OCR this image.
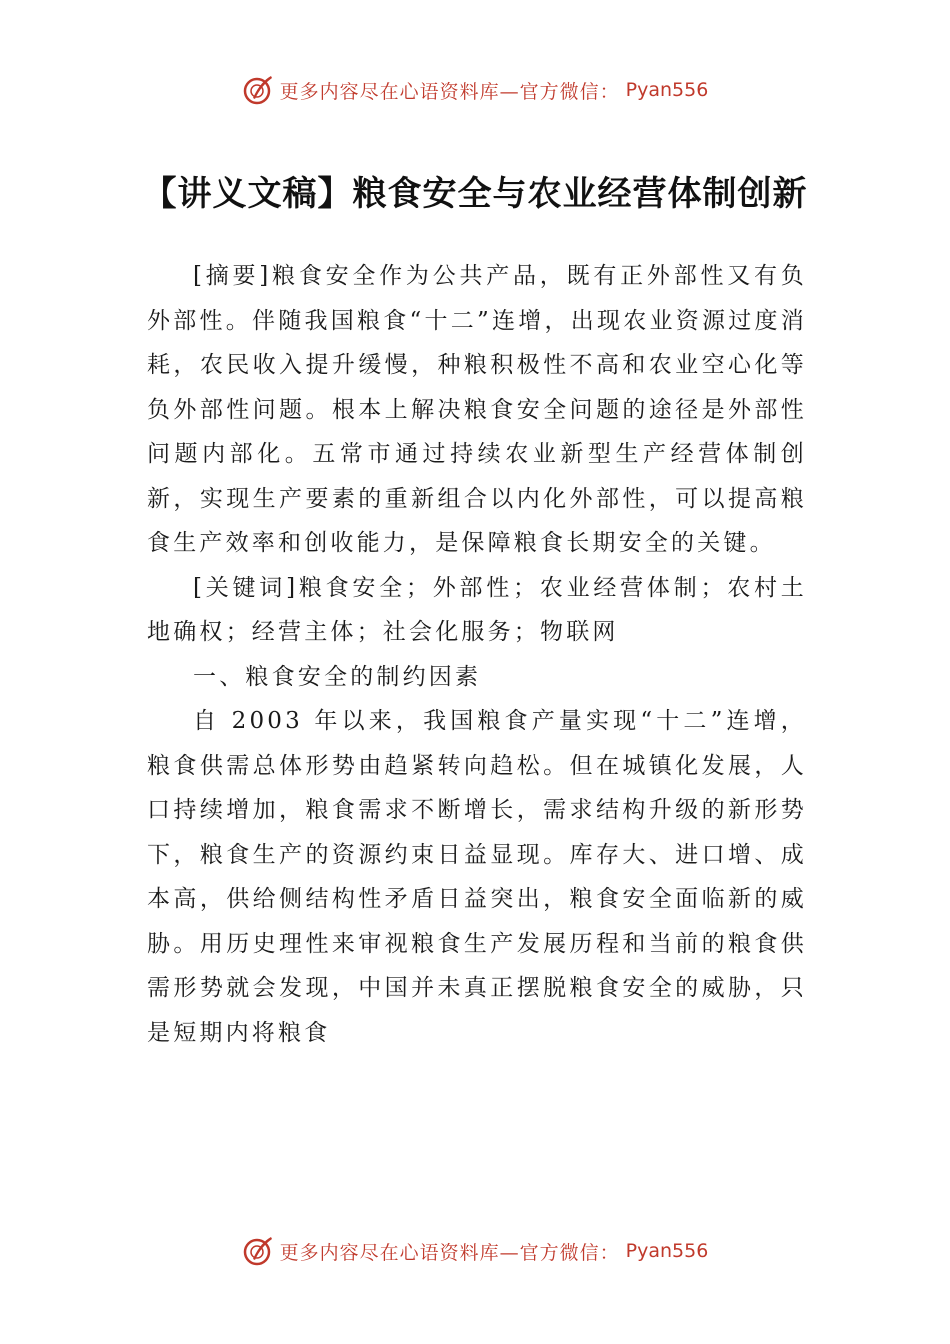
更多内容尽在心语资料库—官方微信： Pyan556
【讲义文稿】粮食安全与农业经营体制创新

[摘要]粮食安全作为公共产品，既有正外部性又有负外部性。伴随我国粮食“十二”连增，出现农业资源过度消耗，农民收入提升缓慢，种粮积极性不高和农业空心化等负外部性问题。根本上解决粮食安全问题的途径是外部性问题内部化。五常市通过持续农业新型生产经营体制创新，实现生产要素的重新组合以内化外部性，可以提高粮食生产效率和创收能力，是保障粮食长期安全的关键。

[关键词]粮食安全；外部性；农业经营体制；农村土地确权；经营主体；社会化服务；物联网

一、粮食安全的制约因素

自 2003 年以来，我国粮食产量实现“十二”连增，粮食供需总体形势由趋紧转向趋松。但在城镇化发展，人口持续增加，粮食需求不断增长，需求结构升级的新形势下，粮食生产的资源约束日益显现。库存大、进口增、成本高，供给侧结构性矛盾日益突出，粮食安全面临新的威胁。用历史理性来审视粮食生产发展历程和当前的粮食供需形势就会发现，中国并未真正摆脱粮食安全的威胁，只是短期内将粮食

更多内容尽在心语资料库—官方微信： Pyan556
